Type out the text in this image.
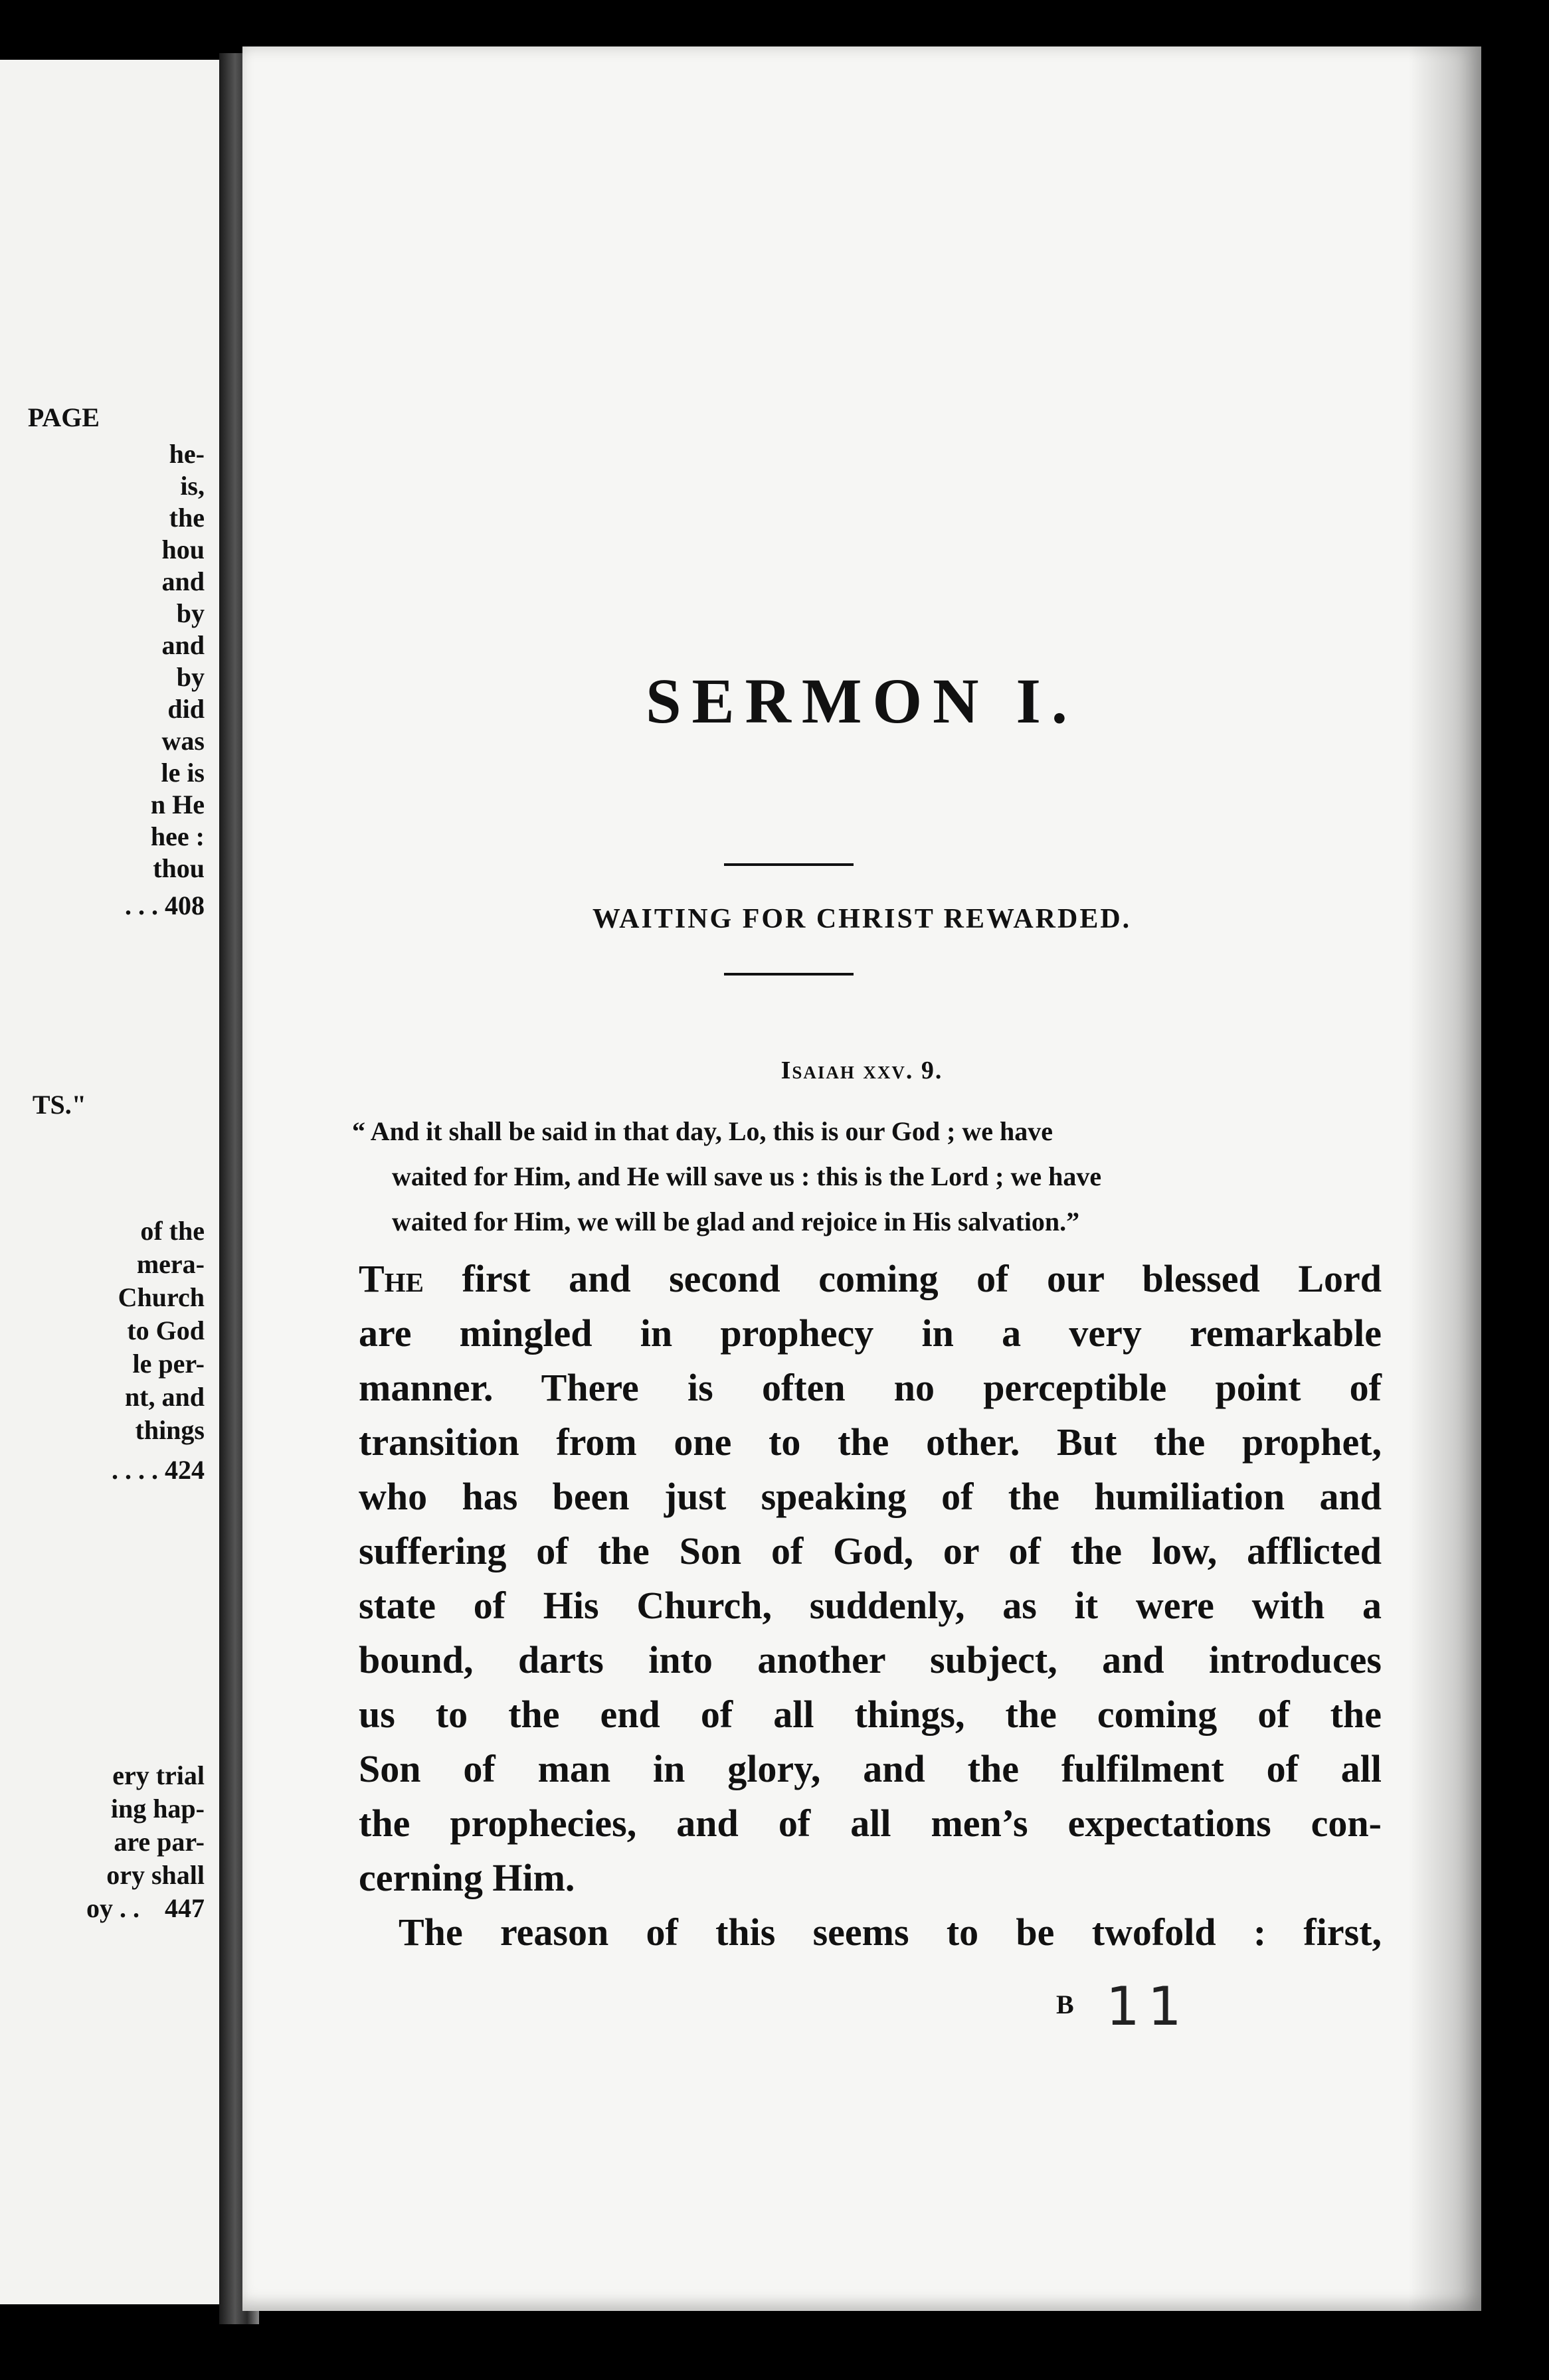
PAGE
he-
is,
the
hou
and
by
and
by
did
was
le is
n He
hee :
thou
. . . 408
TS."
of the
mera-
Church
to God
le per-
nt, and
things
. . . . 424
ery trial
ing hap-
are par-
ory shall
oy . . 447
SERMON I.
WAITING FOR CHRIST REWARDED.
Isaiah xxv. 9.

“ And it shall be said in that day, Lo, this is our God ; we have

waited for Him, and He will save us : this is the Lord ; we have

waited for Him, we will be glad and rejoice in His salvation.”

The first and second coming of our blessed Lord
are mingled in prophecy in a very remarkable
manner. There is often no perceptible point of
transition from one to the other. But the prophet,
who has been just speaking of the humiliation and
suffering of the Son of God, or of the low, afflicted
state of His Church, suddenly, as it were with a
bound, darts into another subject, and introduces
us to the end of all things, the coming of the
Son of man in glory, and the fulfilment of all
the prophecies, and of all men’s expectations con-
cerning Him.
The reason of this seems to be twofold : first,
B 11
